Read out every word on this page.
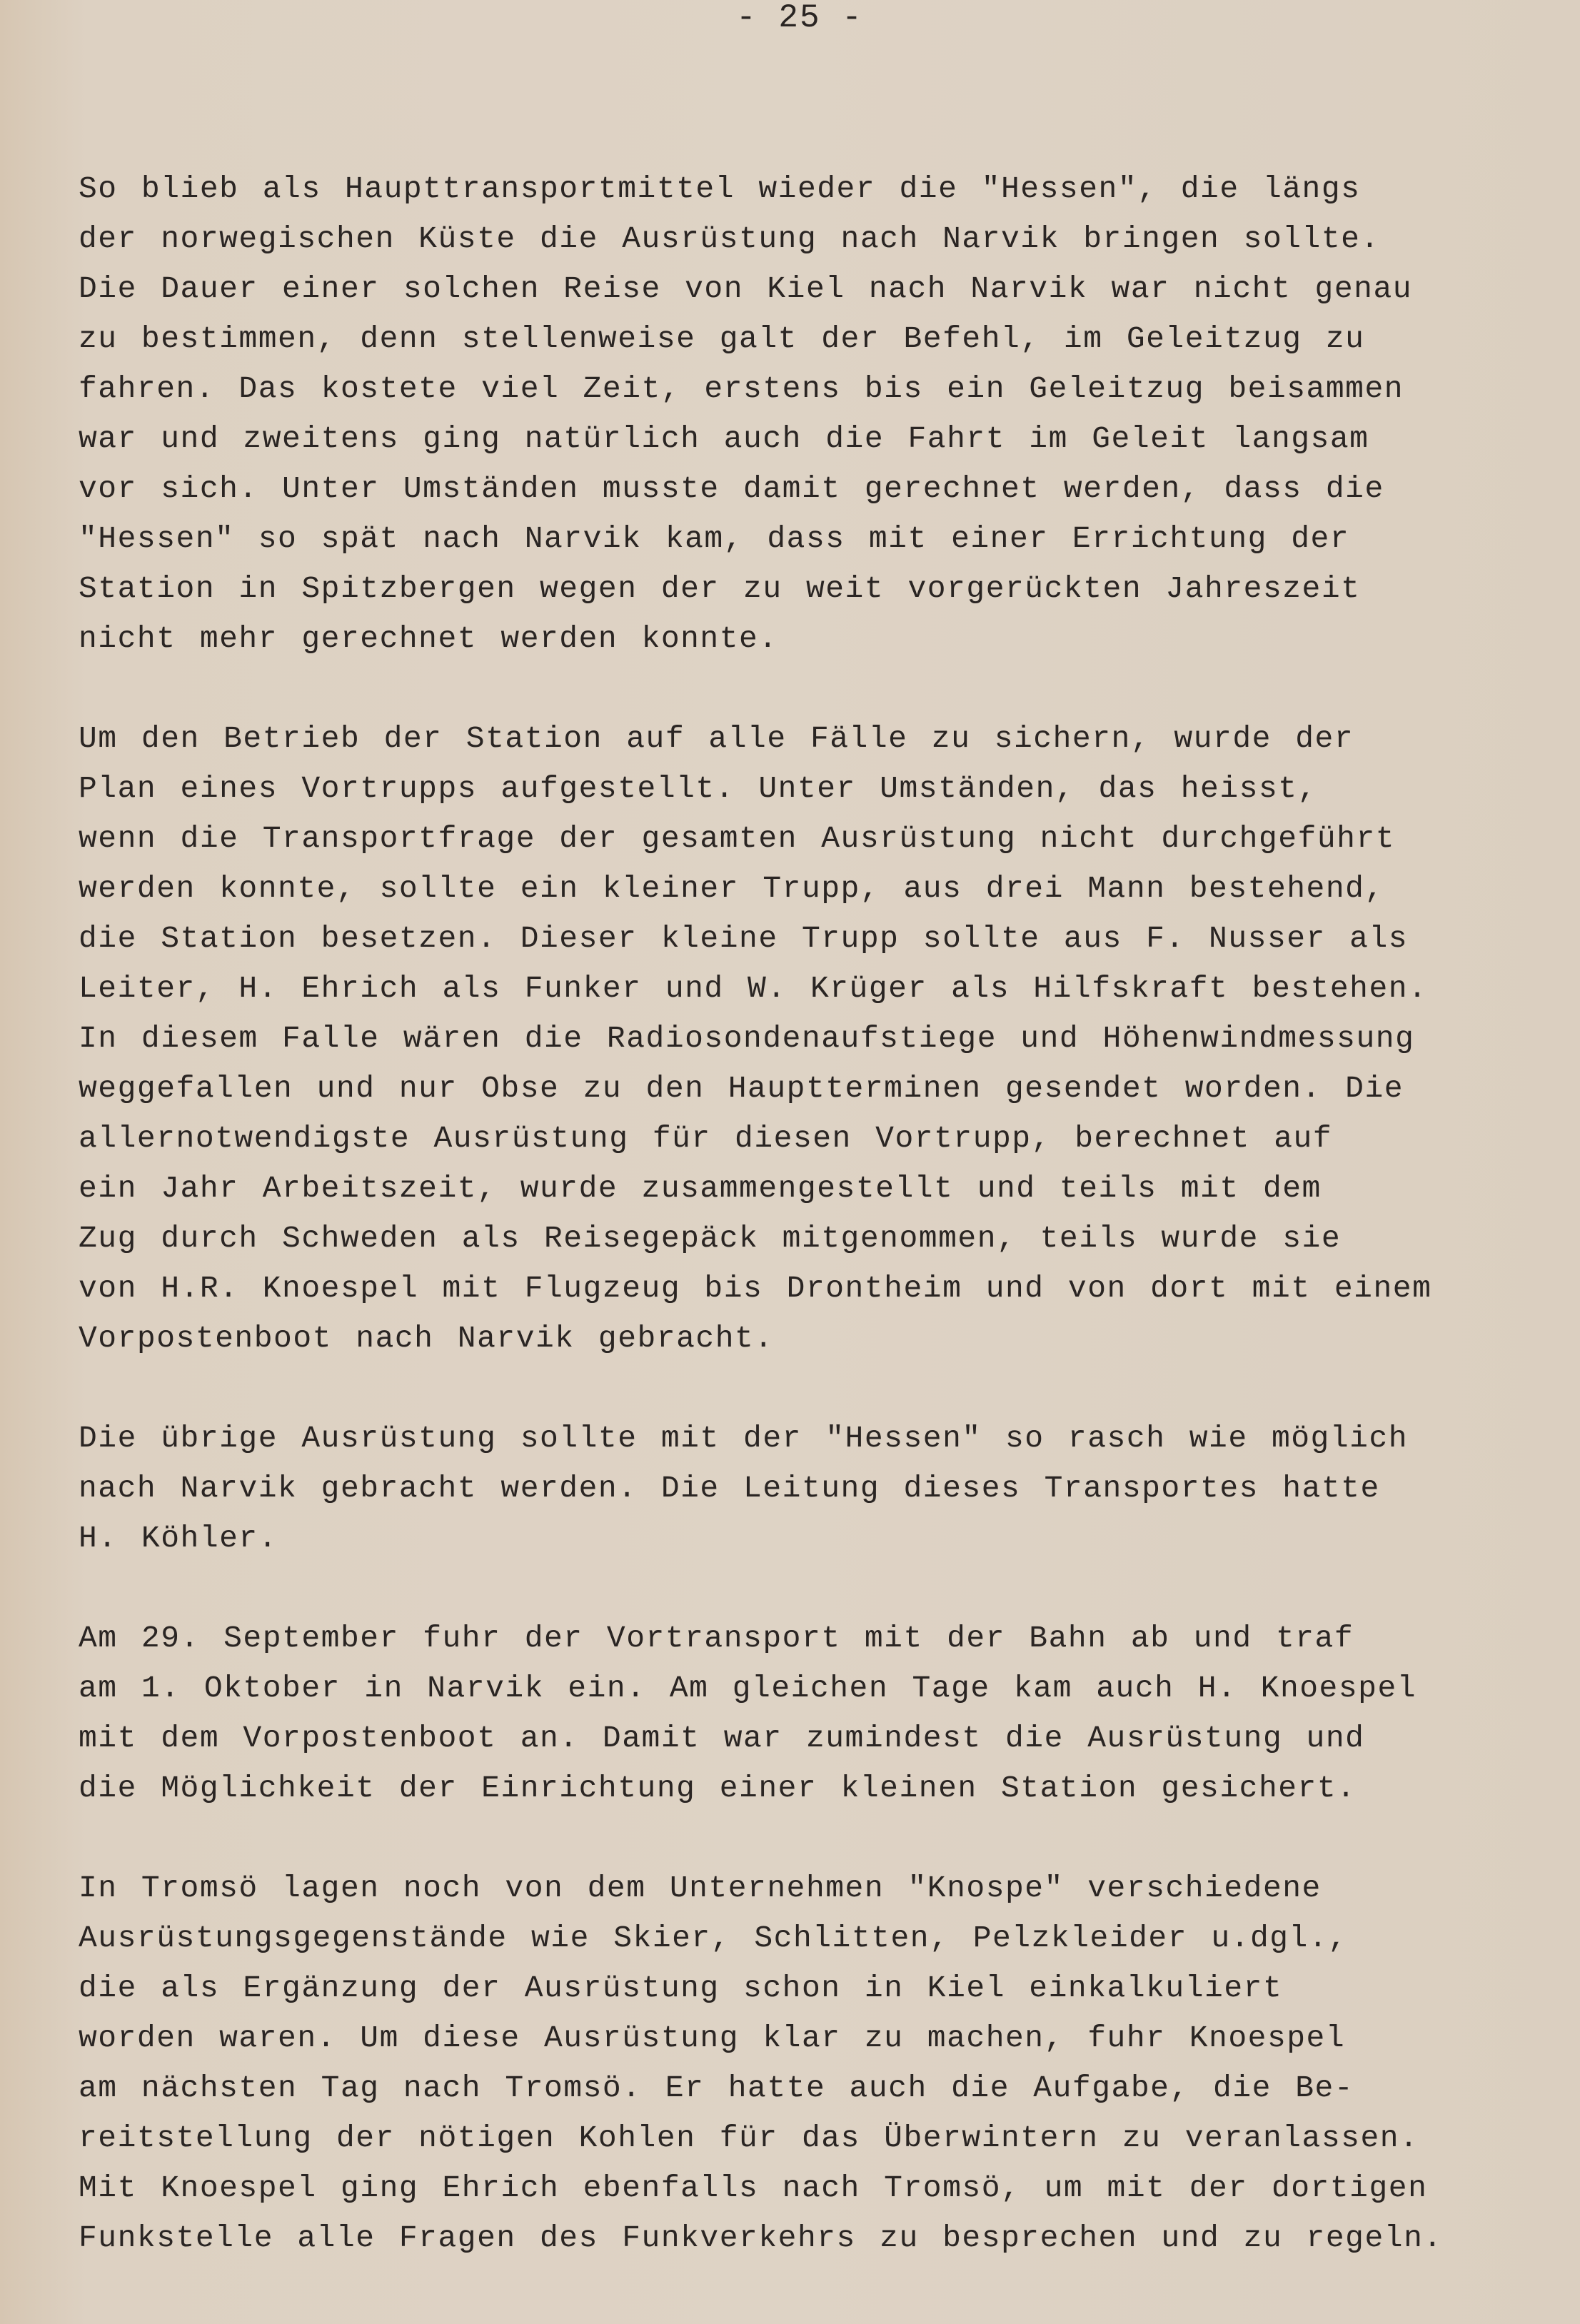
- 25 -
So blieb als Haupttransportmittel wieder die "Hessen", die längs
der norwegischen Küste die Ausrüstung nach Narvik bringen sollte.
Die Dauer einer solchen Reise von Kiel nach Narvik war nicht genau
zu bestimmen, denn stellenweise galt der Befehl, im Geleitzug zu
fahren. Das kostete viel Zeit, erstens bis ein Geleitzug beisammen
war und zweitens ging natürlich auch die Fahrt im Geleit langsam
vor sich. Unter Umständen musste damit gerechnet werden, dass die
"Hessen" so spät nach Narvik kam, dass mit einer Errichtung der
Station in Spitzbergen wegen der zu weit vorgerückten Jahreszeit
nicht mehr gerechnet werden konnte.
Um den Betrieb der Station auf alle Fälle zu sichern, wurde der
Plan eines Vortrupps aufgestellt. Unter Umständen, das heisst,
wenn die Transportfrage der gesamten Ausrüstung nicht durchgeführt
werden konnte, sollte ein kleiner Trupp, aus drei Mann bestehend,
die Station besetzen. Dieser kleine Trupp sollte aus F. Nusser als
Leiter, H. Ehrich als Funker und W. Krüger als Hilfskraft bestehen.
In diesem Falle wären die Radiosondenaufstiege und Höhenwindmessung
weggefallen und nur Obse zu den Hauptterminen gesendet worden. Die
allernotwendigste Ausrüstung für diesen Vortrupp, berechnet auf
ein Jahr Arbeitszeit, wurde zusammengestellt und teils mit dem
Zug durch Schweden als Reisegepäck mitgenommen, teils wurde sie
von H.R. Knoespel mit Flugzeug bis Drontheim und von dort mit einem
Vorpostenboot nach Narvik gebracht.
Die übrige Ausrüstung sollte mit der "Hessen" so rasch wie möglich
nach Narvik gebracht werden. Die Leitung dieses Transportes hatte
H. Köhler.
Am 29. September fuhr der Vortransport mit der Bahn ab und traf
am 1. Oktober in Narvik ein. Am gleichen Tage kam auch H. Knoespel
mit dem Vorpostenboot an. Damit war zumindest die Ausrüstung und
die Möglichkeit der Einrichtung einer kleinen Station gesichert.
In Tromsö lagen noch von dem Unternehmen "Knospe" verschiedene
Ausrüstungsgegenstände wie Skier, Schlitten, Pelzkleider u.dgl.,
die als Ergänzung der Ausrüstung schon in Kiel einkalkuliert
worden waren. Um diese Ausrüstung klar zu machen, fuhr Knoespel
am nächsten Tag nach Tromsö. Er hatte auch die Aufgabe, die Be-
reitstellung der nötigen Kohlen für das Überwintern zu veranlassen.
Mit Knoespel ging Ehrich ebenfalls nach Tromsö, um mit der dortigen
Funkstelle alle Fragen des Funkverkehrs zu besprechen und zu regeln.
